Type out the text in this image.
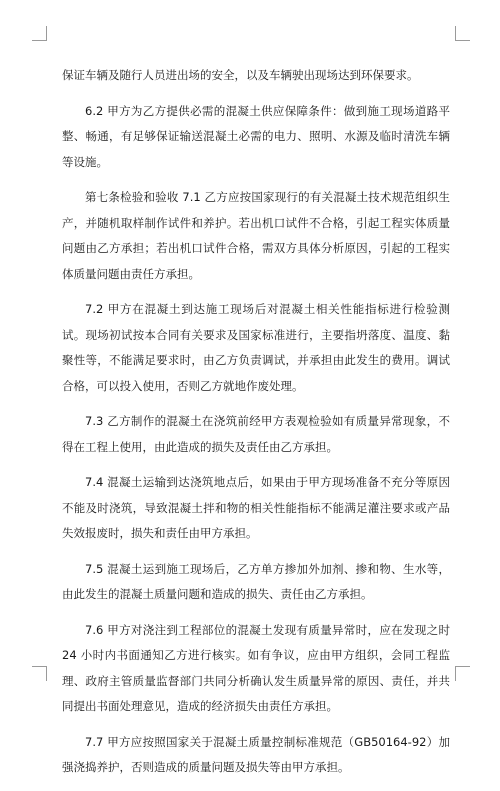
保证车辆及随行人员进出场的安全，以及车辆驶出现场达到环保要求。

6.2 甲方为乙方提供必需的混凝土供应保障条件：做到施工现场道路平整、畅通，有足够保证输送混凝土必需的电力、照明、水源及临时清洗车辆等设施。

第七条检验和验收 7.1 乙方应按国家现行的有关混凝土技术规范组织生产，并随机取样制作试件和养护。若出机口试件不合格，引起工程实体质量问题由乙方承担；若出机口试件合格，需双方具体分析原因，引起的工程实体质量问题由责任方承担。

7.2 甲方在混凝土到达施工现场后对混凝土相关性能指标进行检验测试。现场初试按本合同有关要求及国家标准进行，主要指坍落度、温度、黏聚性等，不能满足要求时，由乙方负责调试，并承担由此发生的费用。调试合格，可以投入使用，否则乙方就地作废处理。

7.3 乙方制作的混凝土在浇筑前经甲方表观检验如有质量异常现象，不得在工程上使用，由此造成的损失及责任由乙方承担。

7.4 混凝土运输到达浇筑地点后，如果由于甲方现场准备不充分等原因不能及时浇筑，导致混凝土拌和物的相关性能指标不能满足灌注要求或产品失效报废时，损失和责任由甲方承担。

7.5 混凝土运到施工现场后，乙方单方掺加外加剂、掺和物、生水等，由此发生的混凝土质量问题和造成的损失、责任由乙方承担。

7.6 甲方对浇注到工程部位的混凝土发现有质量异常时，应在发现之时 24 小时内书面通知乙方进行核实。如有争议，应由甲方组织，会同工程监理、政府主管质量监督部门共同分析确认发生质量异常的原因、责任，并共同提出书面处理意见，造成的经济损失由责任方承担。

7.7 甲方应按照国家关于混凝土质量控制标准规范（GB50164-92）加强浇捣养护，否则造成的质量问题及损失等由甲方承担。
